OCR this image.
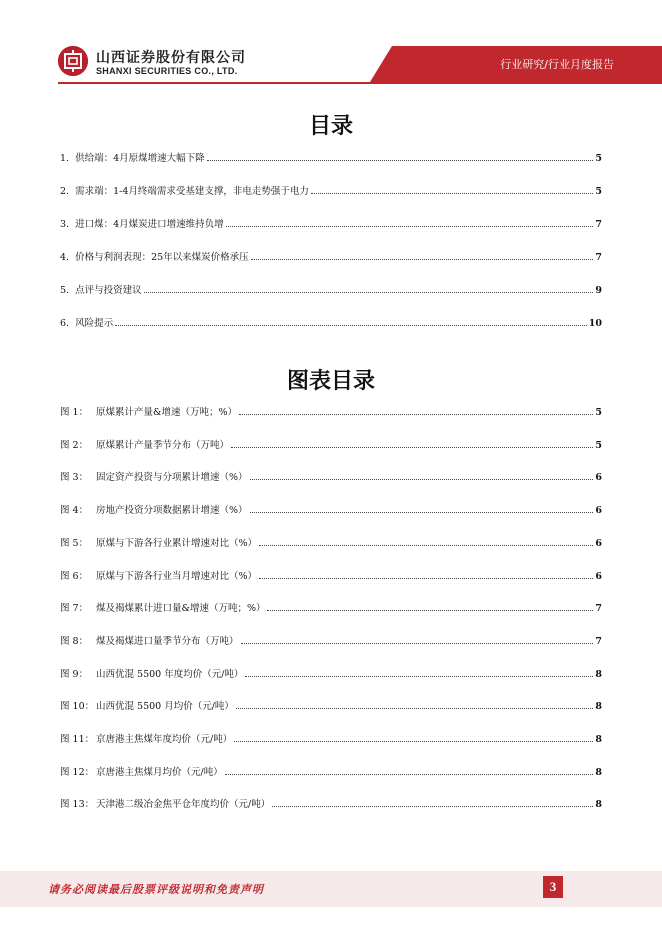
山西证券股份有限公司
SHANXI SECURITIES CO., LTD.	行业研究/行业月度报告
目录
1. 供给端：4月原煤增速大幅下降	5
2. 需求端：1-4月终端需求受基建支撑，非电走势强于电力	5
3. 进口煤：4月煤炭进口增速维持负增	7
4. 价格与利润表现：25年以来煤炭价格承压	7
5. 点评与投资建议	9
6. 风险提示	10
图表目录
图 1： 原煤累计产量&增速（万吨；%）	5
图 2： 原煤累计产量季节分布（万吨）	5
图 3： 固定资产投资与分项累计增速（%）	6
图 4： 房地产投资分项数据累计增速（%）	6
图 5： 原煤与下游各行业累计增速对比（%）	6
图 6： 原煤与下游各行业当月增速对比（%）	6
图 7： 煤及褐煤累计进口量&增速（万吨；%）	7
图 8： 煤及褐煤进口量季节分布（万吨）	7
图 9： 山西优混 5500 年度均价（元/吨）	8
图 10： 山西优混 5500 月均价（元/吨）	8
图 11： 京唐港主焦煤年度均价（元/吨）	8
图 12： 京唐港主焦煤月均价（元/吨）	8
图 13： 天津港二级冶金焦平仓年度均价（元/吨）	8
请务必阅读最后股票评级说明和免责声明	3
